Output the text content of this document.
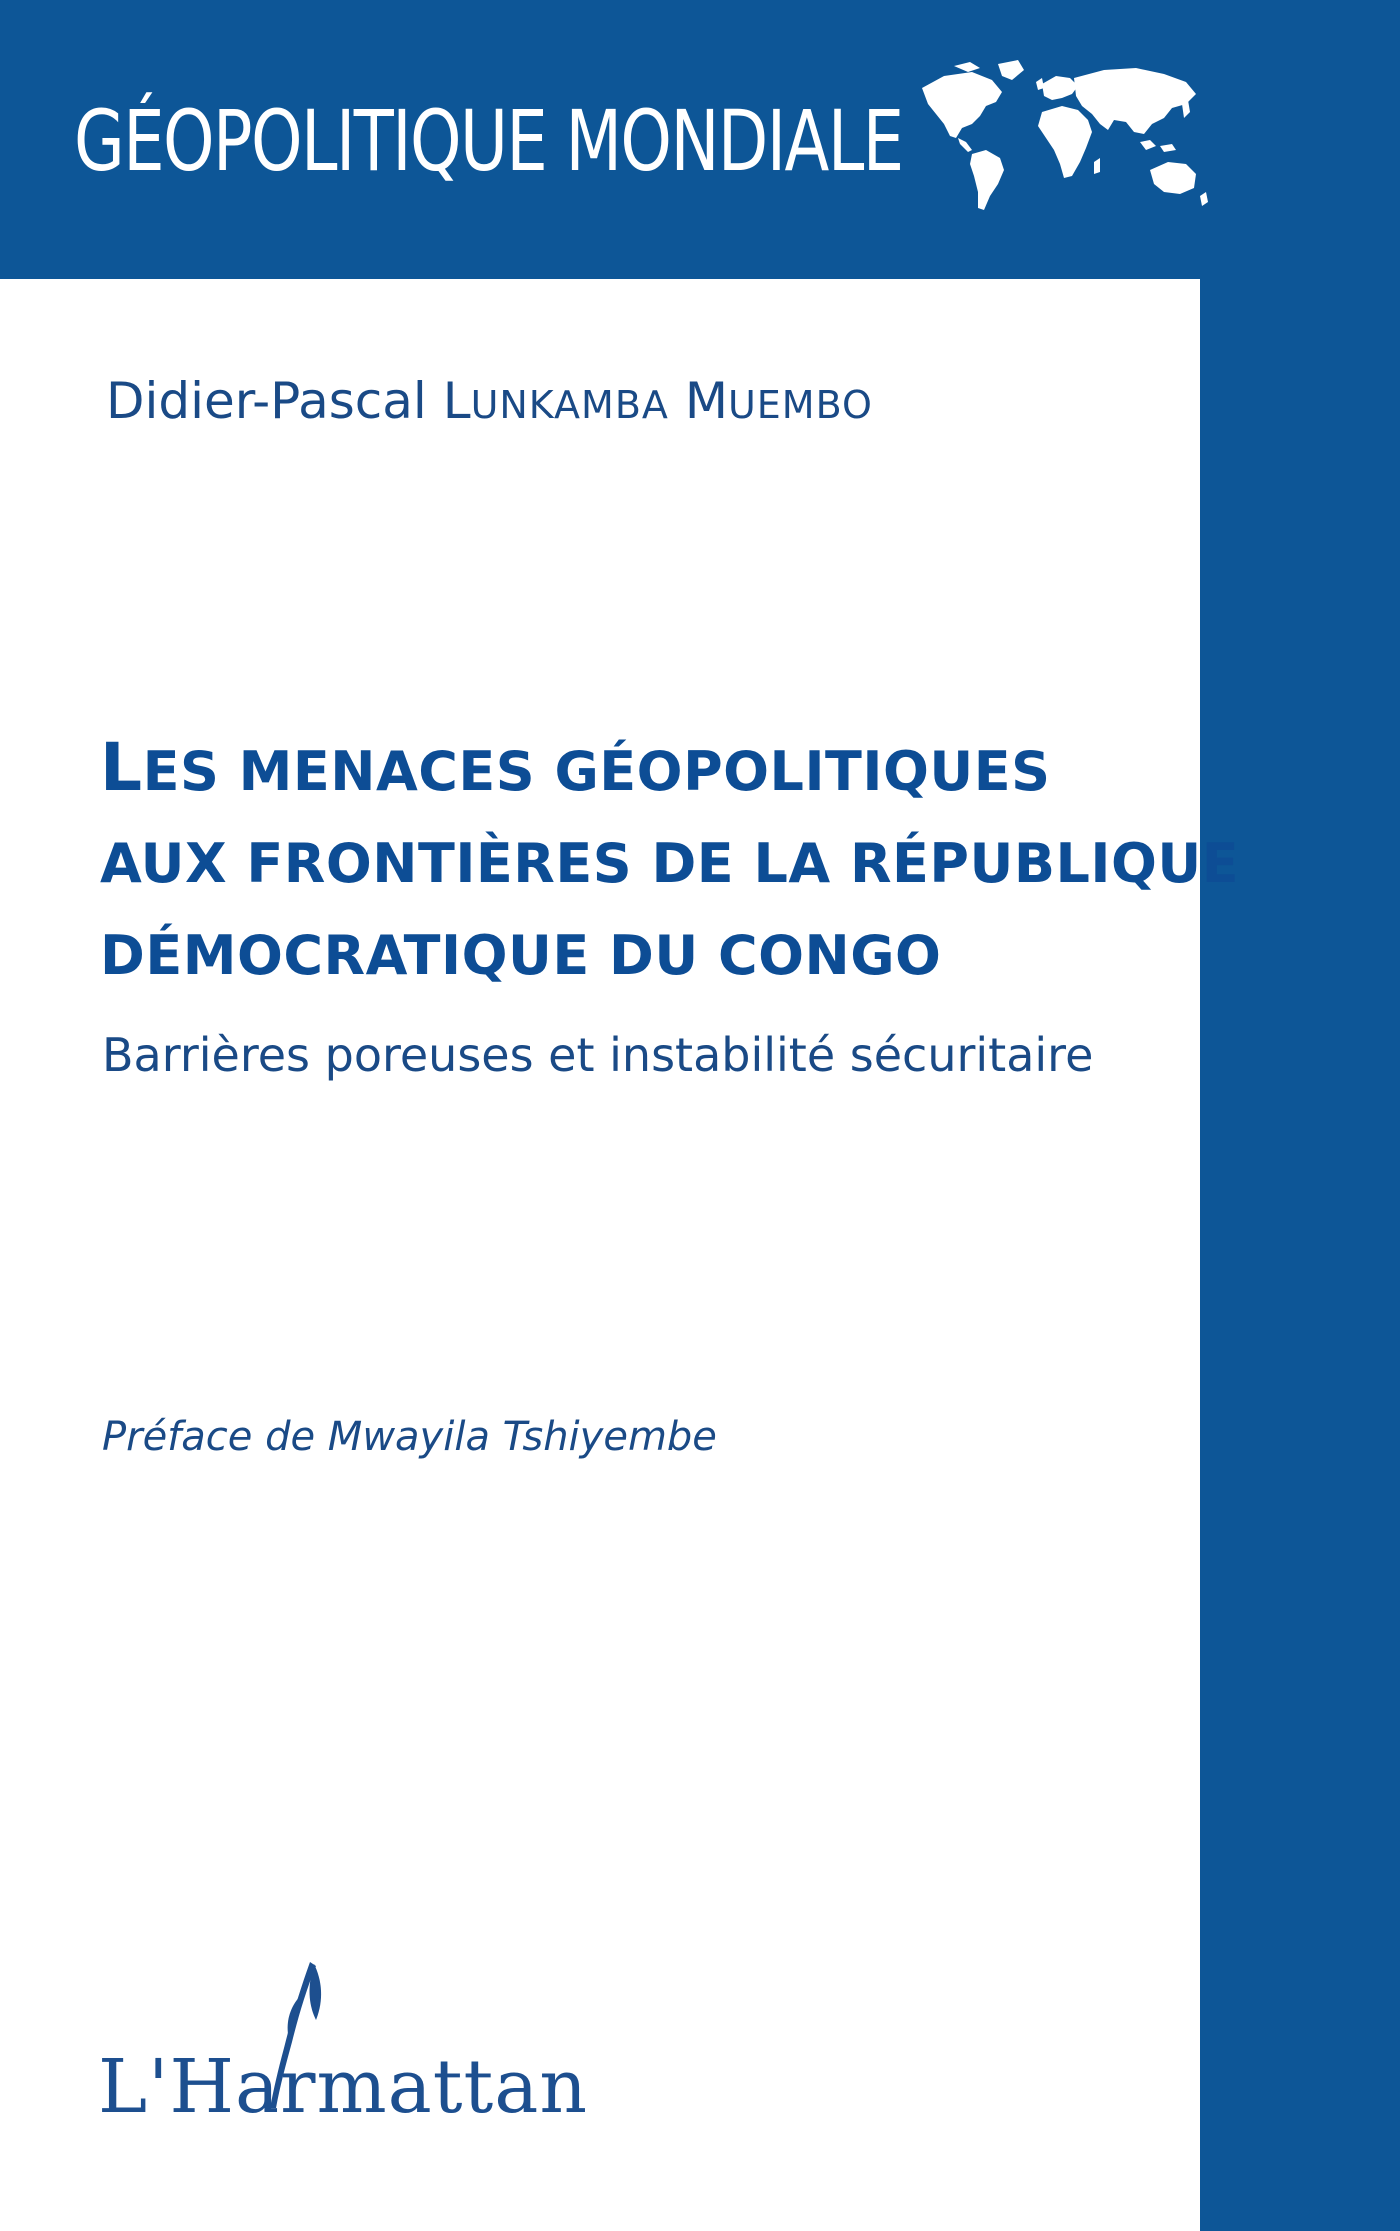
GÉOPOLITIQUE MONDIALE
Didier-Pascal LUNKAMBA MUEMBO
LES MENACES GÉOPOLITIQUES
AUX FRONTIÈRES DE LA RÉPUBLIQUE
DÉMOCRATIQUE DU CONGO
Barrières poreuses et instabilité sécuritaire
Préface de Mwayila Tshiyembe
L'Harmattan
